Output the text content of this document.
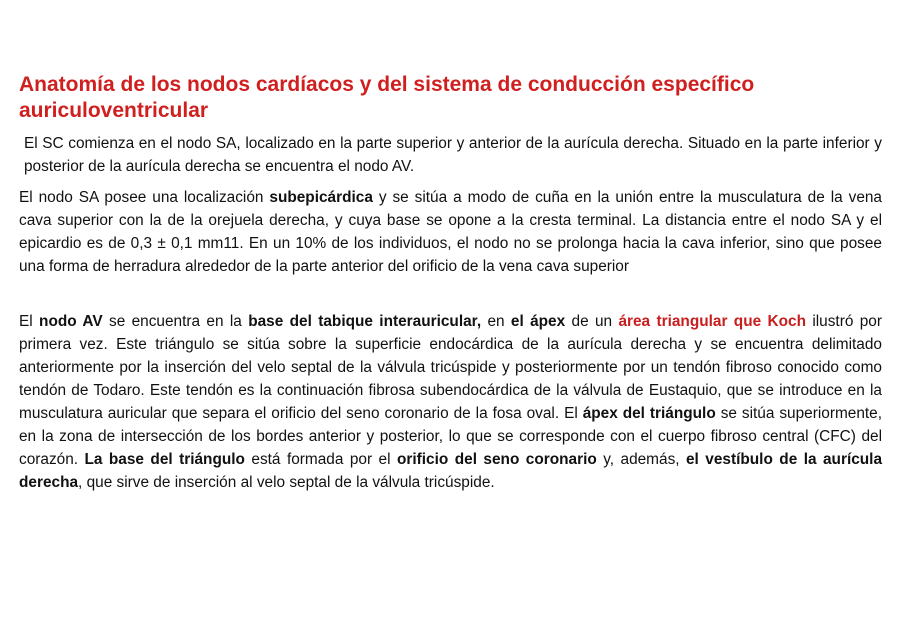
Anatomía de los nodos cardíacos y del sistema de conducción específico auriculoventricular

El SC comienza en el nodo SA, localizado en la parte superior y anterior de la aurícula derecha. Situado en la parte inferior y posterior de la aurícula derecha se encuentra el nodo AV.

El nodo SA posee una localización subepicárdica y se sitúa a modo de cuña en la unión entre la musculatura de la vena cava superior con la de la orejuela derecha, y cuya base se opone a la cresta terminal. La distancia entre el nodo SA y el epicardio es de 0,3 ± 0,1 mm11. En un 10% de los individuos, el nodo no se prolonga hacia la cava inferior, sino que posee una forma de herradura alrededor de la parte anterior del orificio de la vena cava superior

El nodo AV se encuentra en la base del tabique interauricular, en el ápex de un área triangular que Koch ilustró por primera vez. Este triángulo se sitúa sobre la superficie endocárdica de la aurícula derecha y se encuentra delimitado anteriormente por la inserción del velo septal de la válvula tricúspide y posteriormente por un tendón fibroso conocido como tendón de Todaro. Este tendón es la continuación fibrosa subendocárdica de la válvula de Eustaquio, que se introduce en la musculatura auricular que separa el orificio del seno coronario de la fosa oval. El ápex del triángulo se sitúa superiormente, en la zona de intersección de los bordes anterior y posterior, lo que se corresponde con el cuerpo fibroso central (CFC) del corazón. La base del triángulo está formada por el orificio del seno coronario y, además, el vestíbulo de la aurícula derecha, que sirve de inserción al velo septal de la válvula tricúspide.
